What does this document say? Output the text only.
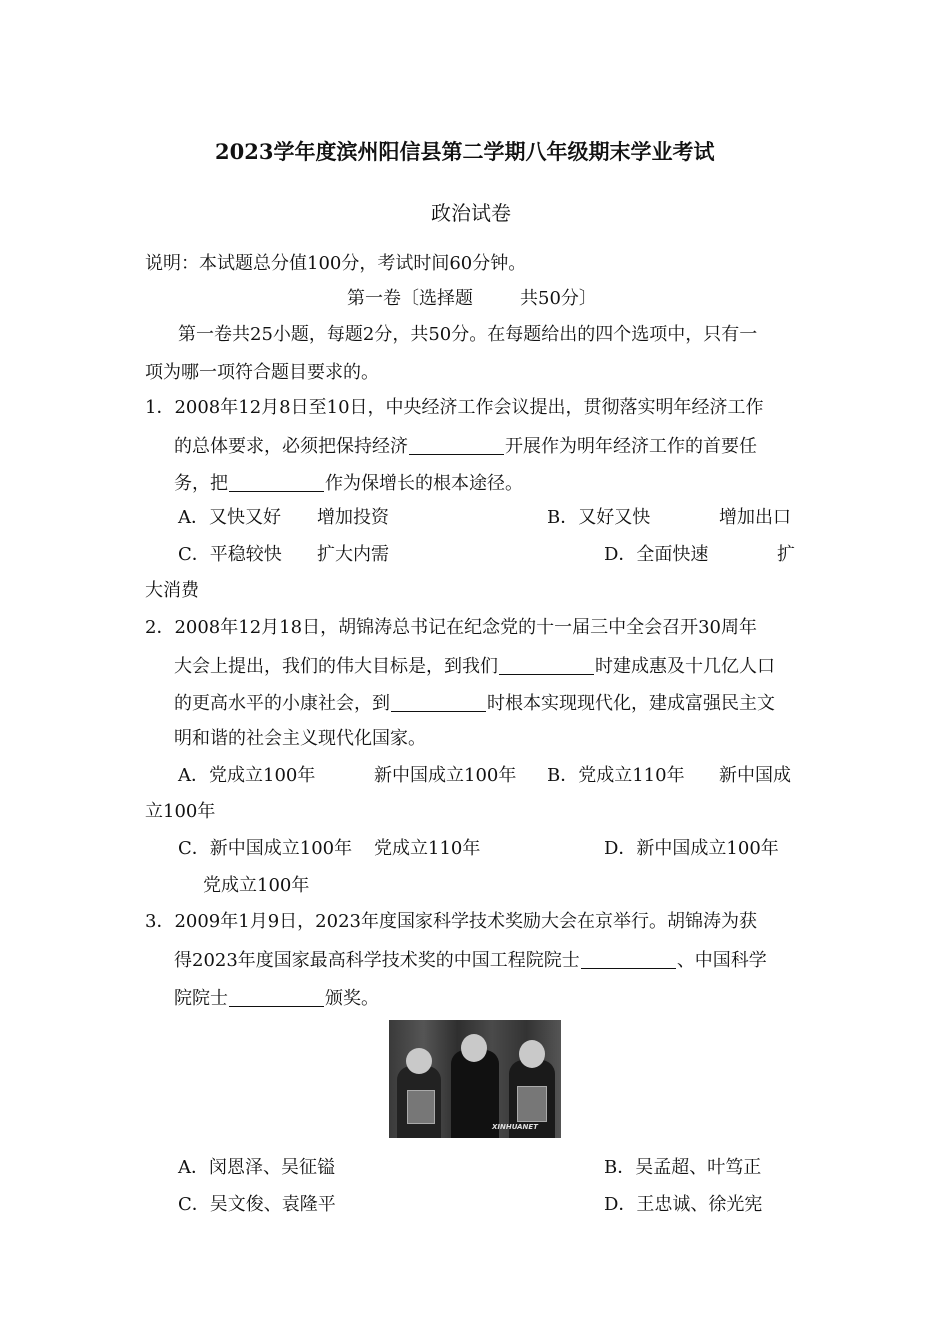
2023学年度滨州阳信县第二学期八年级期末学业考试
政治试卷
说明：本试题总分值100分，考试时间60分钟。
第一卷〔选择题	共50分〕
第一卷共25小题，每题2分，共50分。在每题给出的四个选项中，只有一
项为哪一项符合题目要求的。
1．2008年12月8日至10日，中央经济工作会议提出，贯彻落实明年经济工作
的总体要求，必须把保持经济	开展作为明年经济工作的首要任
务，把	作为保增长的根本途径。
A．又快又好 增加投资	B．又好又快	增加出口
C．平稳较快 扩大内需	D．全面快速	扩
大消费
2．2008年12月18日，胡锦涛总书记在纪念党的十一届三中全会召开30周年
大会上提出，我们的伟大目标是，到我们	时建成惠及十几亿人口
的更高水平的小康社会，到	时根本实现现代化，建成富强民主文
明和谐的社会主义现代化国家。
A．党成立100年	新中国成立100年 B．党成立110年 新中国成
立100年
C．新中国成立100年 党成立110年	D．新中国成立100年
党成立100年
3．2009年1月9日，2023年度国家科学技术奖励大会在京举行。胡锦涛为获
得2023年度国家最高科学技术奖的中国工程院院士	、中国科学
院院士	颁奖。
XINHUANET
A．闵恩泽、吴征镒	B．吴孟超、叶笃正
C．吴文俊、袁隆平	D．王忠诚、徐光宪
